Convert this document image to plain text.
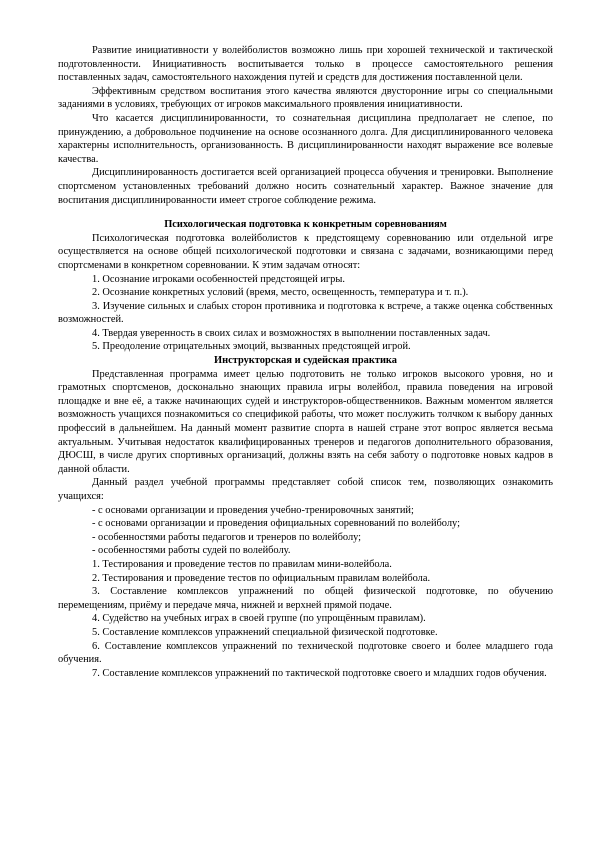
Развитие инициативности у волейболистов возможно лишь при хорошей технической и тактической подготовленности. Инициативность воспитывается только в процессе самостоятельного решения поставленных задач, самостоятельного нахождения путей и средств для достижения поставленной цели.

Эффективным средством воспитания этого качества являются двусторонние игры со специальными заданиями в условиях, требующих от игроков максимального проявления инициативности.

Что касается дисциплинированности, то сознательная дисциплина предполагает не слепое, по принуждению, а добровольное подчинение на основе осознанного долга. Для дисциплинированного человека характерны исполнительность, организованность. В дисциплинированности находят выражение все волевые качества.

Дисциплинированность достигается всей организацией процесса обучения и тренировки. Выполнение спортсменом установленных требований должно носить сознательный характер. Важное значение для воспитания дисциплинированности имеет строгое соблюдение режима.

Психологическая подготовка к конкретным соревнованиям

Психологическая подготовка волейболистов к предстоящему соревнованию или отдельной игре осуществляется на основе общей психологической подготовки и связана с задачами, возникающими перед спортсменами в конкретном соревновании. К этим задачам относят:

1. Осознание игроками особенностей предстоящей игры.

2. Осознание конкретных условий (время, место, освещенность, температура и т. п.).

3. Изучение сильных и слабых сторон противника и подготовка к встрече, а также оценка собственных возможностей.

4. Твердая уверенность в своих силах и возможностях в выполнении поставленных задач.

5. Преодоление отрицательных эмоций, вызванных предстоящей игрой.

Инструкторская и судейская практика

Представленная программа имеет целью подготовить не только игроков высокого уровня, но и грамотных спортсменов, досконально знающих правила игры волейбол, правила поведения на игровой площадке и вне её, а также начинающих судей и инструкторов-общественников. Важным моментом является возможность учащихся познакомиться со спецификой работы, что может послужить толчком к выбору данных профессий в дальнейшем. На данный момент развитие спорта в нашей стране этот вопрос является весьма актуальным. Учитывая недостаток квалифицированных тренеров и педагогов дополнительного образования, ДЮСШ, в числе других спортивных организаций, должны взять на себя заботу о подготовке новых кадров в данной области.

Данный раздел учебной программы представляет собой список тем, позволяющих ознакомить учащихся:

- с основами организации и проведения учебно-тренировочных занятий;

- с основами организации и проведения официальных соревнований по волейболу;

- особенностями работы педагогов и тренеров по волейболу;

- особенностями работы судей по волейболу.

1. Тестирования и проведение тестов по правилам мини-волейбола.

2. Тестирования и проведение тестов по официальным правилам волейбола.

3. Составление комплексов упражнений по общей физической подготовке, по обучению перемещениям, приёму и передаче мяча, нижней и верхней прямой подаче.

4. Судейство на учебных играх в своей группе (по упрощённым правилам).

5. Составление комплексов упражнений специальной физической подготовке.

6. Составление комплексов упражнений по технической подготовке своего и более младшего года обучения.

7. Составление комплексов упражнений по тактической подготовке своего и младших годов обучения.
